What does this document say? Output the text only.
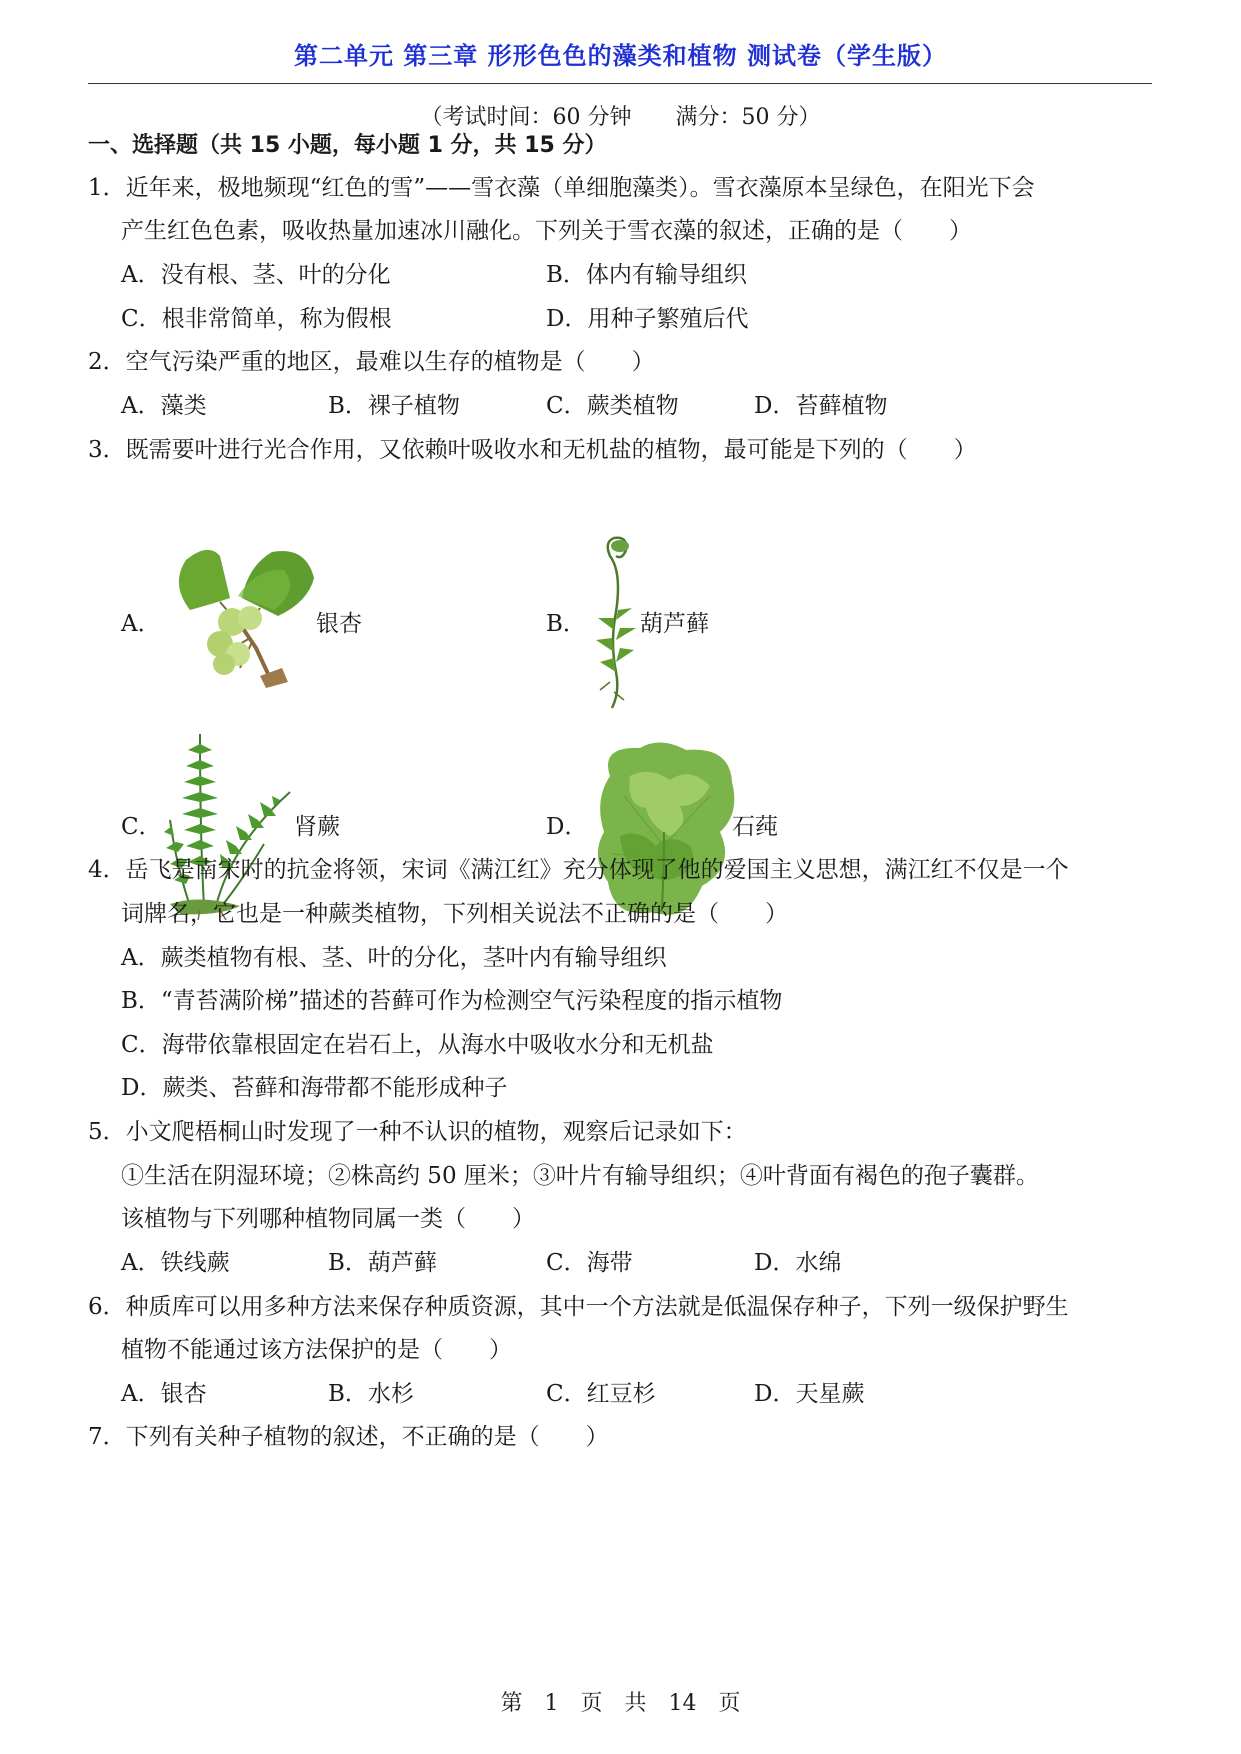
第二单元 第三章 形形色色的藻类和植物 测试卷（学生版）
（考试时间：60 分钟 满分：50 分）
一、选择题（共 15 小题，每小题 1 分，共 15 分）
1．近年来，极地频现“红色的雪”——雪衣藻（单细胞藻类）。雪衣藻原本呈绿色，在阳光下会
产生红色色素，吸收热量加速冰川融化。下列关于雪衣藻的叙述，正确的是（　　）
A．没有根、茎、叶的分化	B．体内有输导组织
C．根非常简单，称为假根	D．用种子繁殖后代
2．空气污染严重的地区，最难以生存的植物是（　　）
A．藻类	B．裸子植物	C．蕨类植物	D．苔藓植物
3．既需要叶进行光合作用，又依赖叶吸收水和无机盐的植物，最可能是下列的（　　）
A．	银杏	B． 葫芦藓
C．	肾蕨	D．	石莼
4．岳飞是南宋时的抗金将领，宋词《满江红》充分体现了他的爱国主义思想，满江红不仅是一个
词牌名，它也是一种蕨类植物，下列相关说法不正确的是（　　）
A．蕨类植物有根、茎、叶的分化，茎叶内有输导组织
B．“青苔满阶梯”描述的苔藓可作为检测空气污染程度的指示植物
C．海带依靠根固定在岩石上，从海水中吸收水分和无机盐
D．蕨类、苔藓和海带都不能形成种子
5．小文爬梧桐山时发现了一种不认识的植物，观察后记录如下：
①生活在阴湿环境；②株高约 50 厘米；③叶片有输导组织；④叶背面有褐色的孢子囊群。
该植物与下列哪种植物同属一类（　　）
A．铁线蕨	B．葫芦藓	C．海带	D．水绵
6．种质库可以用多种方法来保存种质资源，其中一个方法就是低温保存种子，下列一级保护野生
植物不能通过该方法保护的是（　　）
A．银杏	B．水杉	C．红豆杉	D．天星蕨
7．下列有关种子植物的叙述，不正确的是（　　）
第　1　页　共　14　页
